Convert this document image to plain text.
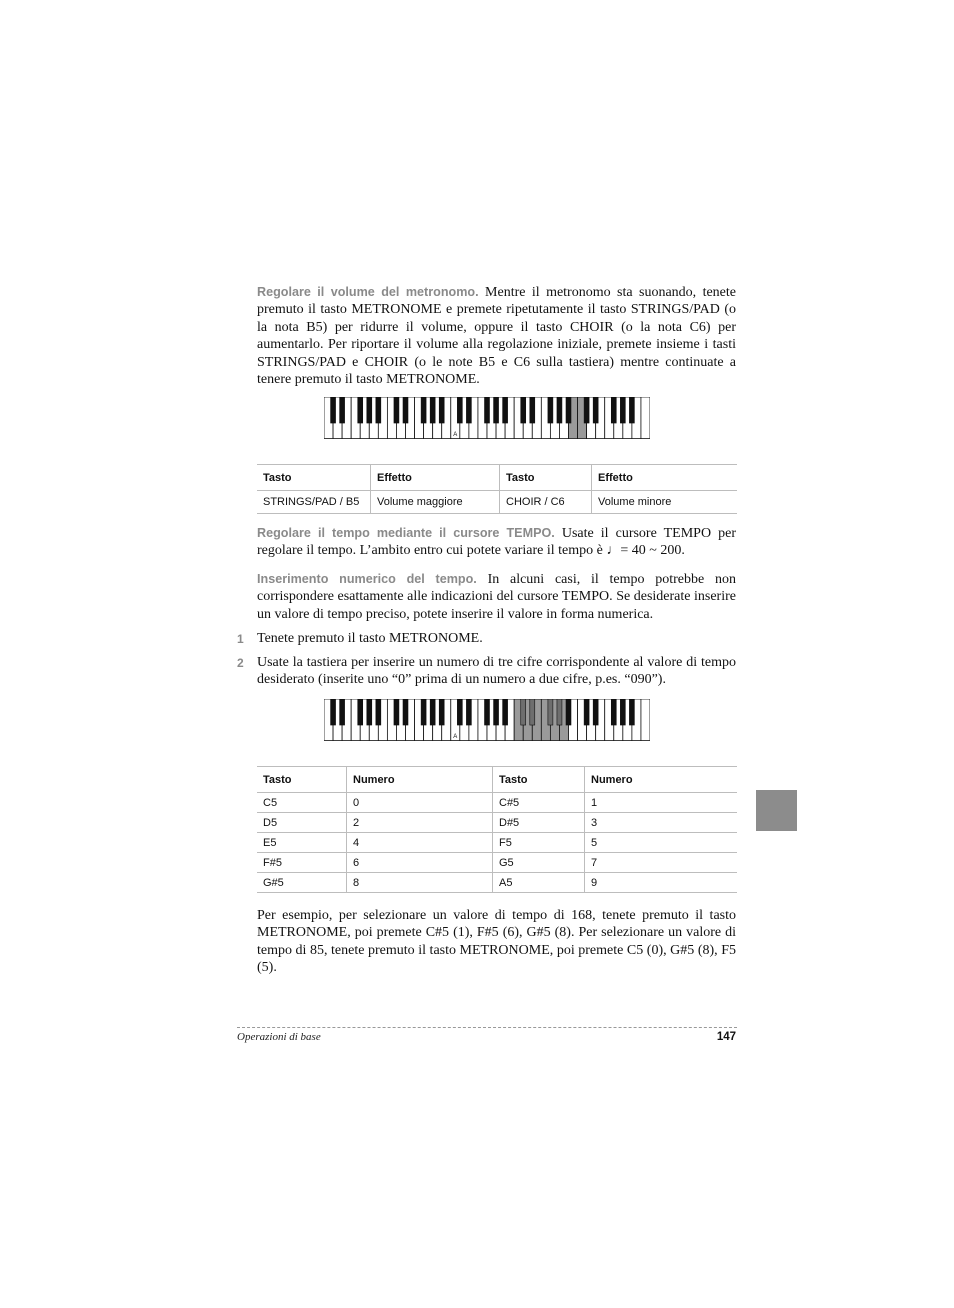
Regolare il volume del metronomo. Mentre il metronomo sta suonando, tenete premuto il tasto METRONOME e premete ripetutamente il tasto STRINGS/PAD (o la nota B5) per ridurre il volume, oppure il tasto CHOIR (o la nota C6) per aumentarlo. Per riportare il volume alla regolazione iniziale, premete insieme i tasti STRINGS/PAD e CHOIR (o le note B5 e C6 sulla tastiera) mentre continuate a tenere premuto il tasto METRONOME.

A
Tasto	Effetto	Tasto	Effetto
STRINGS/PAD / B5	Volume maggiore	CHOIR / C6	Volume minore

Regolare il tempo mediante il cursore TEMPO. Usate il cursore TEMPO per regolare il tempo. L’ambito entro cui potete variare il tempo è ♩= 40 ~ 200.

Inserimento numerico del tempo. In alcuni casi, il tempo potrebbe non corrispondere esattamente alle indicazioni del cursore TEMPO. Se desiderate inserire un valore di tempo preciso, potete inserire il valore in forma numerica.

1 Tenete premuto il tasto METRONOME.

2 Usate la tastiera per inserire un numero di tre cifre corrispondente al valore di tempo desiderato (inserite uno “0” prima di un numero a due cifre, p.es. “090”).

A
Tasto	Numero	Tasto	Numero
C5	0	C#5	1
D5	2	D#5	3
E5	4	F5	5
F#5	6	G5	7
G#5	8	A5	9

Per esempio, per selezionare un valore di tempo di 168, tenete premuto il tasto METRONOME, poi premete C#5 (1), F#5 (6), G#5 (8). Per selezionare un valore di tempo di 85, tenete premuto il tasto METRONOME, poi premete C5 (0), G#5 (8), F5 (5).

Operazioni di base	147
